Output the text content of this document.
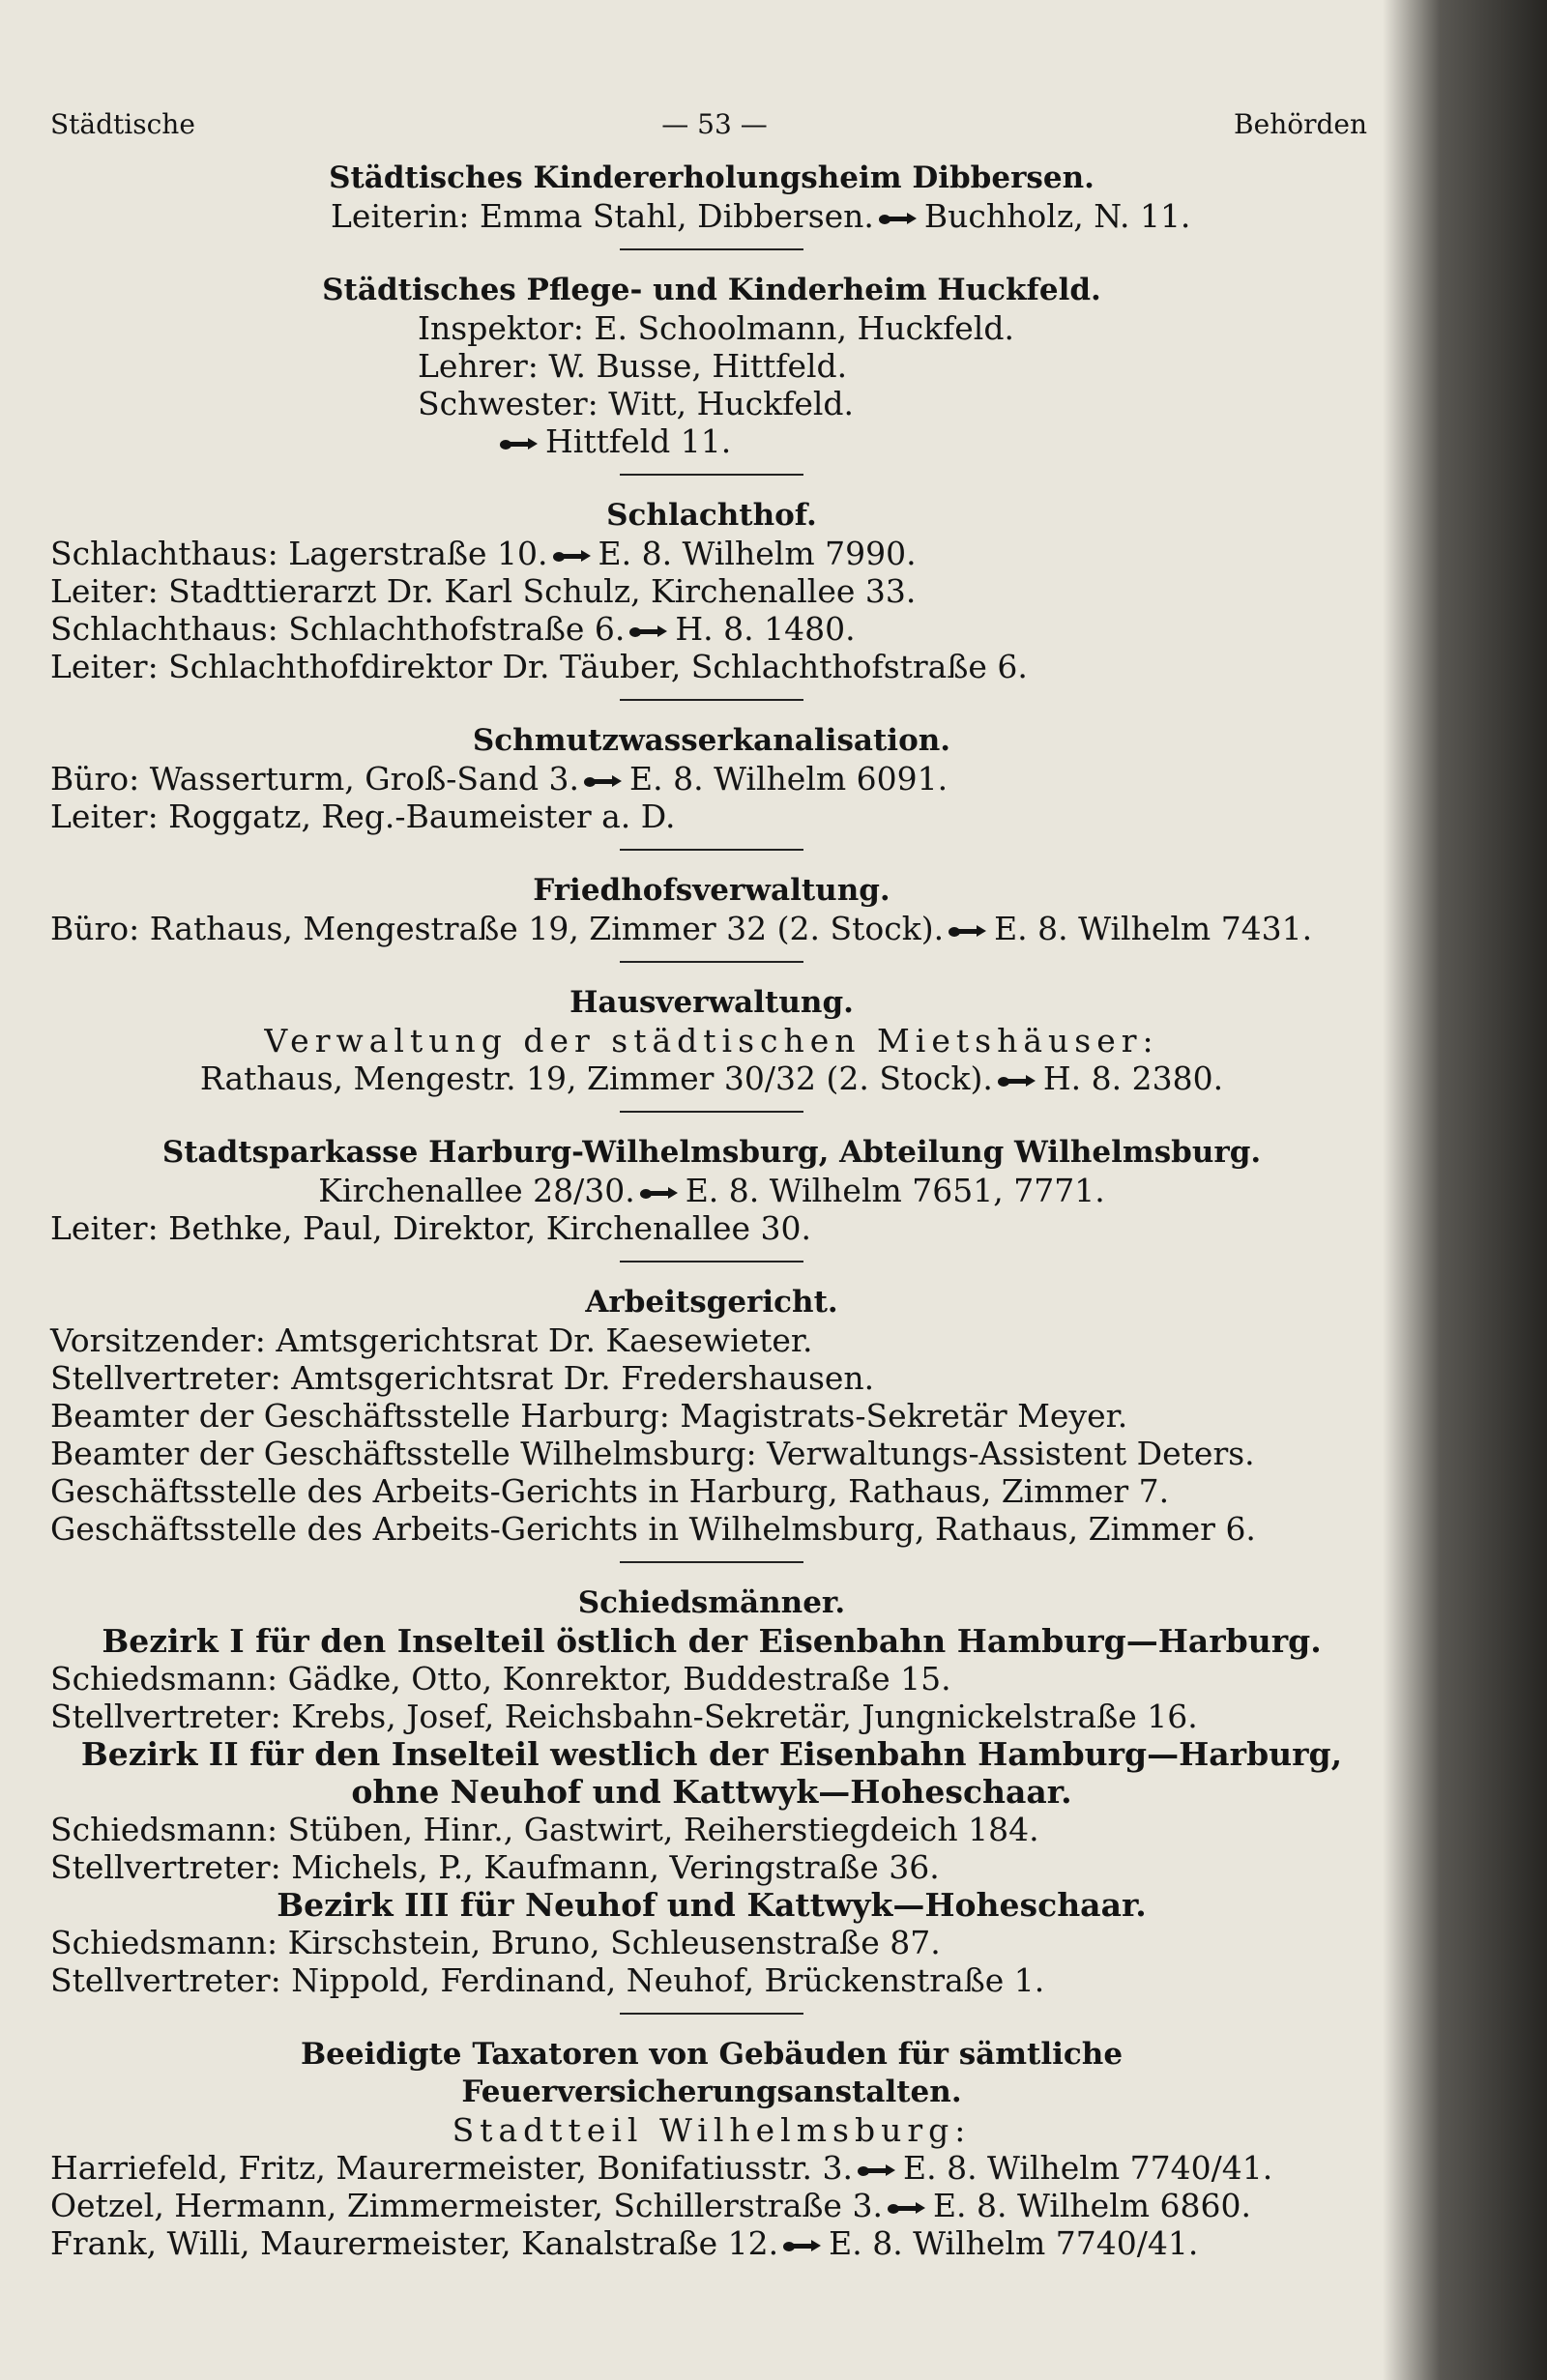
Städtische	— 53 —	Behörden
Städtisches Kindererholungsheim Dibbersen.
Leiterin: Emma Stahl, Dibbersen. Buchholz, N. 11.
Städtisches Pflege- und Kinderheim Huckfeld.
Inspektor: E. Schoolmann, Huckfeld.
Lehrer: W. Busse, Hittfeld.
Schwester: Witt, Huckfeld.
Hittfeld 11.
Schlachthof.
Schlachthaus: Lagerstraße 10. E. 8. Wilhelm 7990.
Leiter: Stadttierarzt Dr. Karl Schulz, Kirchenallee 33.
Schlachthaus: Schlachthofstraße 6. H. 8. 1480.
Leiter: Schlachthofdirektor Dr. Täuber, Schlachthofstraße 6.
Schmutzwasserkanalisation.
Büro: Wasserturm, Groß-Sand 3. E. 8. Wilhelm 6091.
Leiter: Roggatz, Reg.-Baumeister a. D.
Friedhofsverwaltung.
Büro: Rathaus, Mengestraße 19, Zimmer 32 (2. Stock). E. 8. Wilhelm 7431.
Hausverwaltung.
Verwaltung der städtischen Mietshäuser:
Rathaus, Mengestr. 19, Zimmer 30/32 (2. Stock). H. 8. 2380.
Stadtsparkasse Harburg-Wilhelmsburg, Abteilung Wilhelmsburg.
Kirchenallee 28/30. E. 8. Wilhelm 7651, 7771.
Leiter: Bethke, Paul, Direktor, Kirchenallee 30.
Arbeitsgericht.
Vorsitzender: Amtsgerichtsrat Dr. Kaesewieter.
Stellvertreter: Amtsgerichtsrat Dr. Fredershausen.
Beamter der Geschäftsstelle Harburg: Magistrats-Sekretär Meyer.
Beamter der Geschäftsstelle Wilhelmsburg: Verwaltungs-Assistent Deters.
Geschäftsstelle des Arbeits-Gerichts in Harburg, Rathaus, Zimmer 7.
Geschäftsstelle des Arbeits-Gerichts in Wilhelmsburg, Rathaus, Zimmer 6.
Schiedsmänner.
Bezirk I für den Inselteil östlich der Eisenbahn Hamburg—Harburg.
Schiedsmann: Gädke, Otto, Konrektor, Buddestraße 15.
Stellvertreter: Krebs, Josef, Reichsbahn-Sekretär, Jungnickelstraße 16.
Bezirk II für den Inselteil westlich der Eisenbahn Hamburg—Harburg,
ohne Neuhof und Kattwyk—Hoheschaar.
Schiedsmann: Stüben, Hinr., Gastwirt, Reiherstiegdeich 184.
Stellvertreter: Michels, P., Kaufmann, Veringstraße 36.
Bezirk III für Neuhof und Kattwyk—Hoheschaar.
Schiedsmann: Kirschstein, Bruno, Schleusenstraße 87.
Stellvertreter: Nippold, Ferdinand, Neuhof, Brückenstraße 1.
Beeidigte Taxatoren von Gebäuden für sämtliche Feuerversicherungsanstalten.
Stadtteil Wilhelmsburg:
Harriefeld, Fritz, Maurermeister, Bonifatiusstr. 3. E. 8. Wilhelm 7740/41.
Oetzel, Hermann, Zimmermeister, Schillerstraße 3. E. 8. Wilhelm 6860.
Frank, Willi, Maurermeister, Kanalstraße 12. E. 8. Wilhelm 7740/41.
